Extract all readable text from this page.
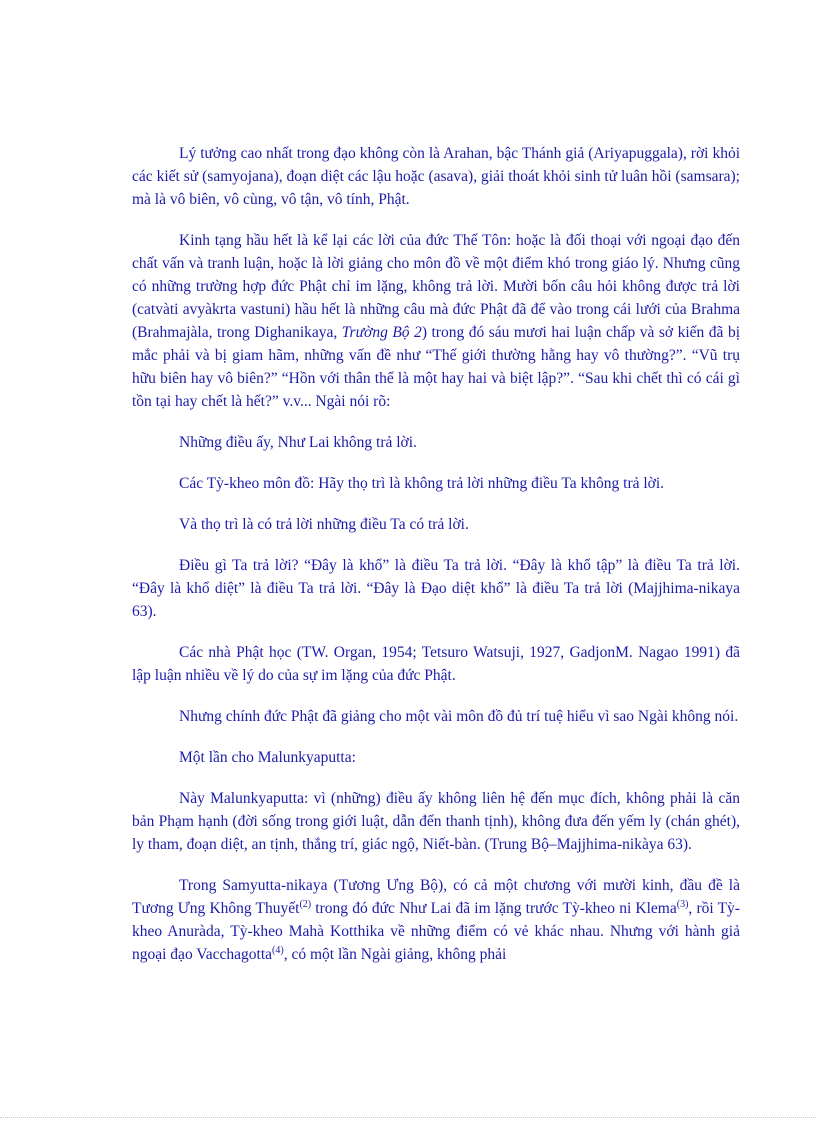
Lý tưởng cao nhất trong đạo không còn là Arahan, bậc Thánh giả (Ariyapuggala), rời khỏi các kiết sử (samyojana), đoạn diệt các lậu hoặc (asava), giải thoát khỏi sinh tử luân hồi (samsara); mà là vô biên, vô cùng, vô tận, vô tính, Phật.

Kinh tạng hầu hết là kể lại các lời của đức Thế Tôn: hoặc là đối thoại với ngoại đạo đến chất vấn và tranh luận, hoặc là lời giảng cho môn đồ về một điểm khó trong giáo lý. Nhưng cũng có những trường hợp đức Phật chỉ im lặng, không trả lời. Mười bốn câu hỏi không được trả lời (catvàti avyàkrta vastuni) hầu hết là những câu mà đức Phật đã để vào trong cái lưới của Brahma (Brahmajàla, trong Dighanikaya, Trường Bộ 2) trong đó sáu mươi hai luận chấp và sở kiến đã bị mắc phải và bị giam hãm, những vấn đề như “Thế giới thường hằng hay vô thường?”. “Vũ trụ hữu biên hay vô biên?” “Hồn với thân thể là một hay hai và biệt lập?”. “Sau khi chết thì có cái gì tồn tại hay chết là hết?” v.v... Ngài nói rõ:

Những điều ấy, Như Lai không trả lời.

Các Tỳ-kheo môn đồ: Hãy thọ trì là không trả lời những điều Ta không trả lời.

Và thọ trì là có trả lời những điều Ta có trả lời.

Điều gì Ta trả lời? “Đây là khổ” là điều Ta trả lời. “Đây là khổ tập” là điều Ta trả lời. “Đây là khổ diệt” là điều Ta trả lời. “Đây là Đạo diệt khổ” là điều Ta trả lời (Majjhima-nikaya 63).

Các nhà Phật học (TW. Organ, 1954; Tetsuro Watsuji, 1927, GadjonM. Nagao 1991) đã lập luận nhiều về lý do của sự im lặng của đức Phật.

Nhưng chính đức Phật đã giảng cho một vài môn đồ đủ trí tuệ hiểu vì sao Ngài không nói.

Một lần cho Malunkyaputta:

Này Malunkyaputta: vì (những) điều ấy không liên hệ đến mục đích, không phải là căn bản Phạm hạnh (đời sống trong giới luật, dẫn đến thanh tịnh), không đưa đến yếm ly (chán ghét), ly tham, đoạn diệt, an tịnh, thắng trí, giác ngộ, Niết-bàn. (Trung Bộ–Majjhima-nikàya 63).

Trong Samyutta-nikaya (Tương Ưng Bộ), có cả một chương với mười kinh, đầu đề là Tương Ưng Không Thuyết$^{(2)}$ trong đó đức Như Lai đã im lặng trước Tỳ-kheo ni Klema$^{(3)}$, rồi Tỳ-kheo Anuràda, Tỳ-kheo Mahà Kotthika về những điểm có vẻ khác nhau. Nhưng với hành giả ngoại đạo Vacchagotta$^{(4)}$, có một lần Ngài giảng, không phải
